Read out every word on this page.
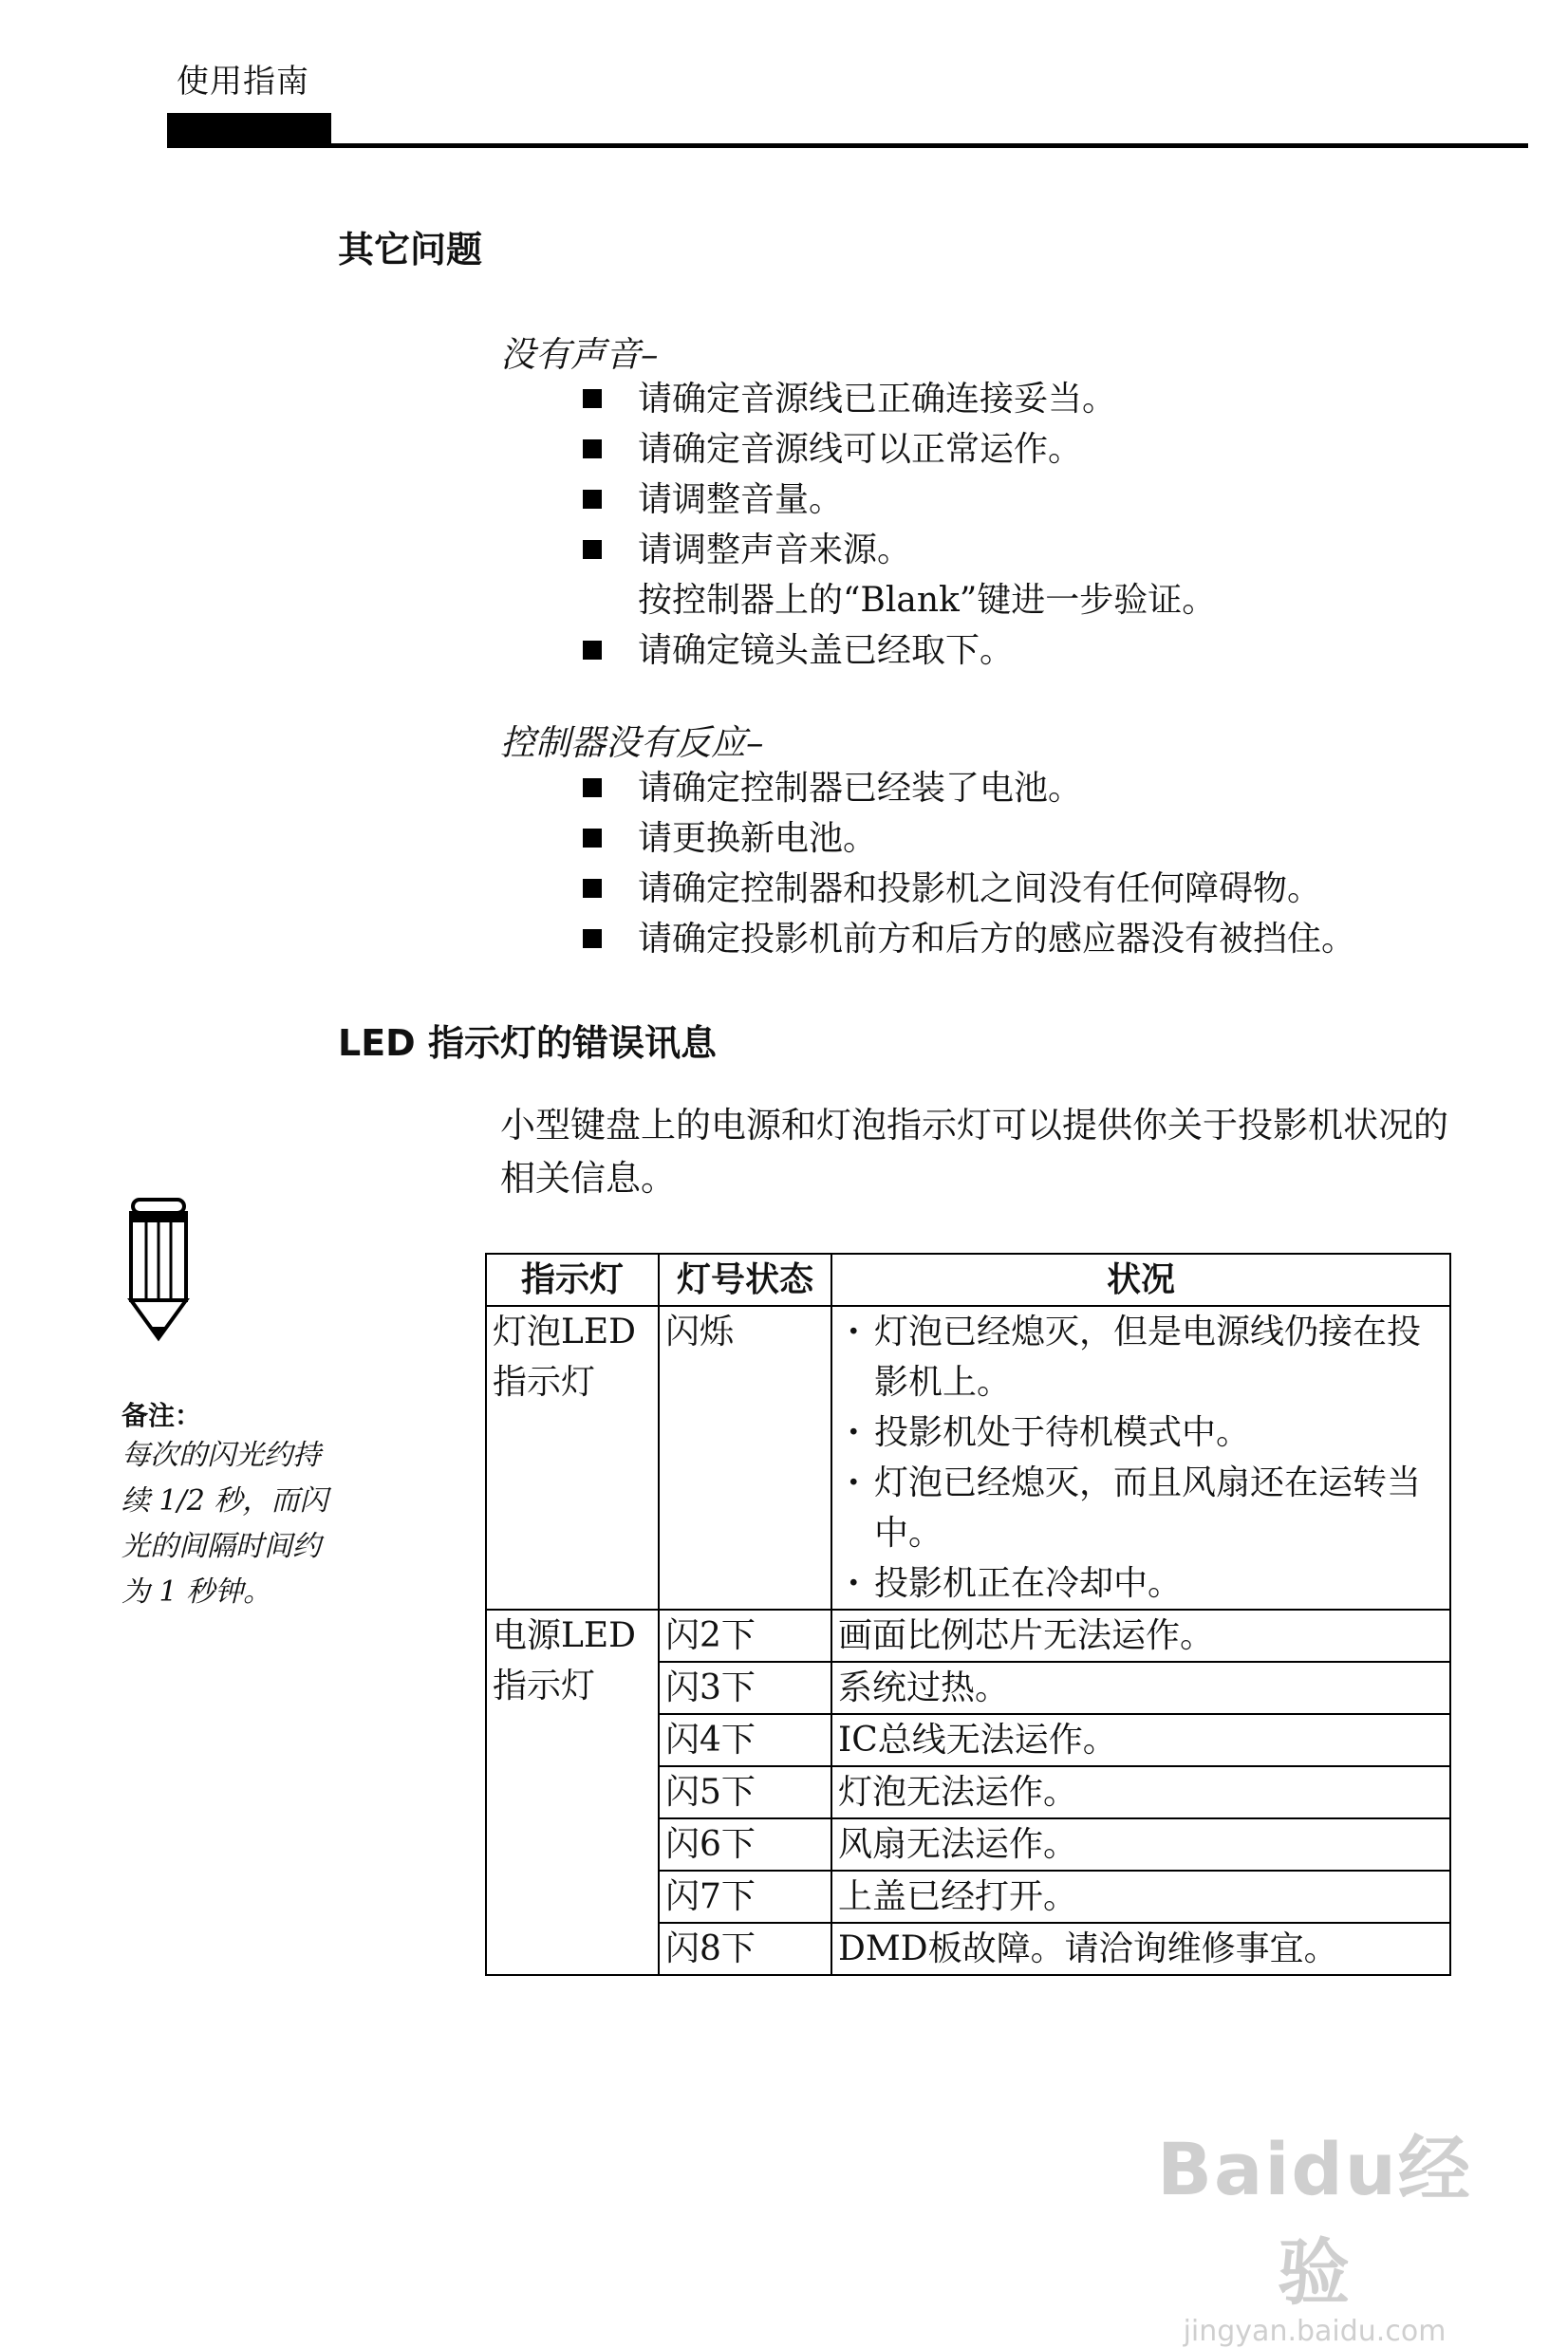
使用指南
其它问题
没有声音–
请确定音源线已正确连接妥当。
请确定音源线可以正常运作。
请调整音量。
请调整声音来源。
按控制器上的“Blank”键进一步验证。
请确定镜头盖已经取下。
控制器没有反应–
请确定控制器已经装了电池。
请更换新电池。
请确定控制器和投影机之间没有任何障碍物。
请确定投影机前方和后方的感应器没有被挡住。
LED 指示灯的错误讯息
小型键盘上的电源和灯泡指示灯可以提供你关于投影机状况的相关信息。
备注：
每次的闪光约持续 1/2 秒，而闪光的间隔时间约为 1 秒钟。
指示灯	灯号状态	状况
灯泡LED指示灯	闪烁	· 灯泡已经熄灭，但是电源线仍接在投影机上。
· 投影机处于待机模式中。
· 灯泡已经熄灭，而且风扇还在运转当中。
· 投影机正在冷却中。

电源LED指示灯	闪2下	画面比例芯片无法运作。
	闪3下	系统过热。
	闪4下	IC总线无法运作。
	闪5下	灯泡无法运作。
	闪6下	风扇无法运作。
	闪7下	上盖已经打开。
	闪8下	DMD板故障。请洽询维修事宜。
Baidu经验
jingyan.baidu.com
